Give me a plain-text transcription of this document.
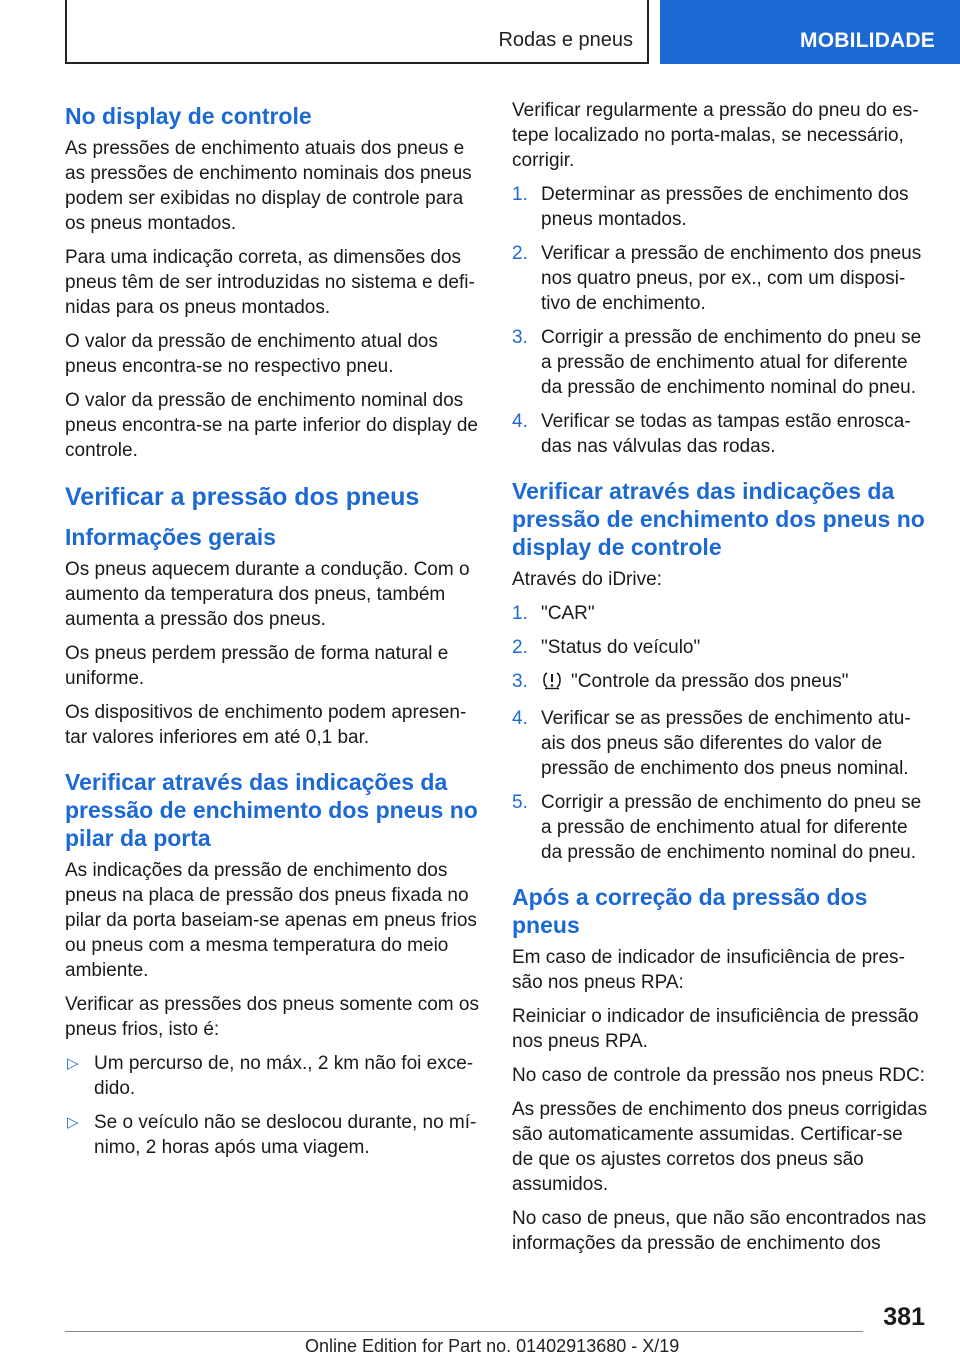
Rodas e pneus	MOBILIDADE
No display de controle

As pressões de enchimento atuais dos pneus e as pressões de enchimento nominais dos pneus podem ser exibidas no display de controle para os pneus montados.

Para uma indicação correta, as dimensões dos pneus têm de ser introduzidas no sistema e definidas para os pneus montados.

O valor da pressão de enchimento atual dos pneus encontra-se no respectivo pneu.

O valor da pressão de enchimento nominal dos pneus encontra-se na parte inferior do display de controle.

Verificar a pressão dos pneus
Informações gerais

Os pneus aquecem durante a condução. Com o aumento da temperatura dos pneus, também aumenta a pressão dos pneus.

Os pneus perdem pressão de forma natural e uniforme.

Os dispositivos de enchimento podem apresentar valores inferiores em até 0,1 bar.

Verificar através das indicações da pressão de enchimento dos pneus no pilar da porta

As indicações da pressão de enchimento dos pneus na placa de pressão dos pneus fixada no pilar da porta baseiam-se apenas em pneus frios ou pneus com a mesma temperatura do meio ambiente.

Verificar as pressões dos pneus somente com os pneus frios, isto é:

▷ Um percurso de, no máx., 2 km não foi excedido.
▷ Se o veículo não se deslocou durante, no mínimo, 2 horas após uma viagem.

Verificar regularmente a pressão do pneu do estepe localizado no porta-malas, se necessário, corrigir.

1. Determinar as pressões de enchimento dos pneus montados.
2. Verificar a pressão de enchimento dos pneus nos quatro pneus, por ex., com um dispositivo de enchimento.
3. Corrigir a pressão de enchimento do pneu se a pressão de enchimento atual for diferente da pressão de enchimento nominal do pneu.
4. Verificar se todas as tampas estão enroscadas nas válvulas das rodas.
Verificar através das indicações da pressão de enchimento dos pneus no display de controle

Através do iDrive:

1. "CAR"
2. "Status do veículo"
3. "Controle da pressão dos pneus"
4. Verificar se as pressões de enchimento atuais dos pneus são diferentes do valor de pressão de enchimento dos pneus nominal.
5. Corrigir a pressão de enchimento do pneu se a pressão de enchimento atual for diferente da pressão de enchimento nominal do pneu.
Após a correção da pressão dos pneus

Em caso de indicador de insuficiência de pressão nos pneus RPA:

Reiniciar o indicador de insuficiência de pressão nos pneus RPA.

No caso de controle da pressão nos pneus RDC:

As pressões de enchimento dos pneus corrigidas são automaticamente assumidas. Certificar-se de que os ajustes corretos dos pneus são assumidos.

No caso de pneus, que não são encontrados nas informações da pressão de enchimento dos

381
Online Edition for Part no. 01402913680 - X/19
